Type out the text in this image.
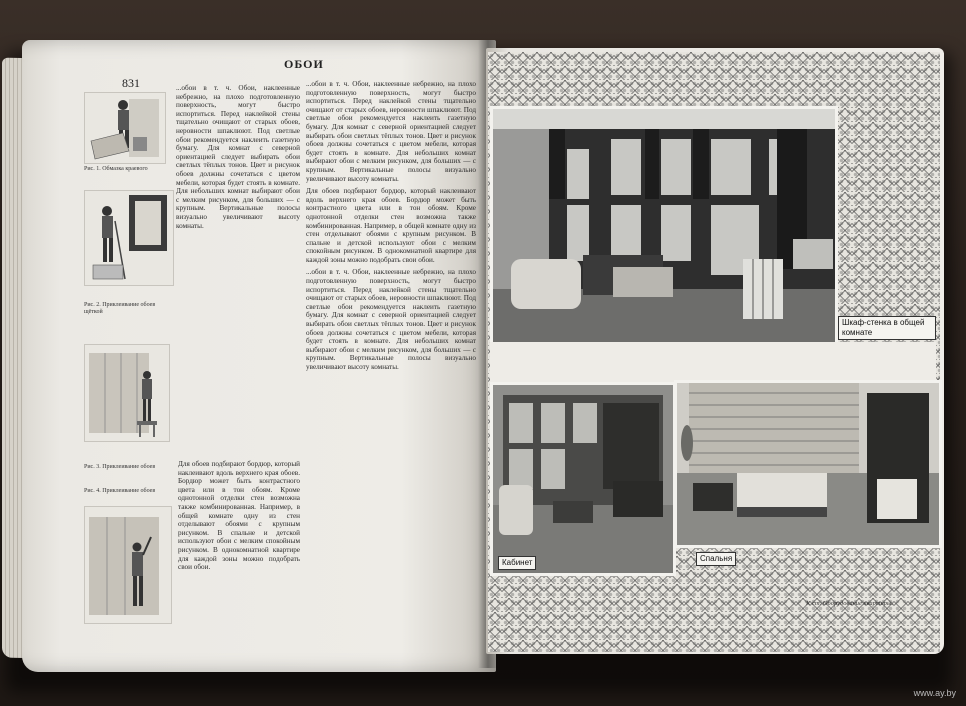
831
ОБОИ
Рис. 1. Обмазка краевого
Рис. 2. Приклеивание обоев щёткой
Рис. 3. Приклеивание обоев
Рис. 4. Приклеивание обоев
...обои в т. ч. Обои, наклеенные небрежно, на плохо подготовленную поверхность, могут быстро испортиться. Перед наклейкой стены тщательно очищают от старых обоев, неровности шпаклюют. Под светлые обои рекомендуется наклеить газетную бумагу. Для комнат с северной ориентацией следует выбирать обои светлых тёплых тонов. Цвет и рисунок обоев должны сочетаться с цветом мебели, которая будет стоять в комнате. Для небольших комнат выбирают обои с мелким рисунком, для больших — с крупным. Вертикальные полосы визуально увеличивают высоту комнаты.
Для обоев подбирают бордюр, который наклеивают вдоль верхнего края обоев. Бордюр может быть контрастного цвета или в тон обоям. Кроме однотонной отделки стен возможна также комбинированная. Например, в общей комнате одну из стен отделывают обоями с крупным рисунком. В спальне и детской используют обои с мелким спокойным рисунком. В однокомнатной квартире для каждой зоны можно подобрать свои обои.
...обои в т. ч. Обои, наклеенные небрежно, на плохо подготовленную поверхность, могут быстро испортиться. Перед наклейкой стены тщательно очищают от старых обоев, неровности шпаклюют. Под светлые обои рекомендуется наклеить газетную бумагу. Для комнат с северной ориентацией следует выбирать обои светлых тёплых тонов. Цвет и рисунок обоев должны сочетаться с цветом мебели, которая будет стоять в комнате. Для небольших комнат выбирают обои с мелким рисунком, для больших — с крупным. Вертикальные полосы визуально увеличивают высоту комнаты.
Для обоев подбирают бордюр, который наклеивают вдоль верхнего края обоев. Бордюр может быть контрастного цвета или в тон обоям. Кроме однотонной отделки стен возможна также комбинированная. Например, в общей комнате одну из стен отделывают обоями с крупным рисунком. В спальне и детской используют обои с мелким спокойным рисунком. В однокомнатной квартире для каждой зоны можно подобрать свои обои.
...обои в т. ч. Обои, наклеенные небрежно, на плохо подготовленную поверхность, могут быстро испортиться. Перед наклейкой стены тщательно очищают от старых обоев, неровности шпаклюют. Под светлые обои рекомендуется наклеить газетную бумагу. Для комнат с северной ориентацией следует выбирать обои светлых тёплых тонов. Цвет и рисунок обоев должны сочетаться с цветом мебели, которая будет стоять в комнате. Для небольших комнат выбирают обои с мелким рисунком, для больших — с крупным. Вертикальные полосы визуально увеличивают высоту комнаты.
Шкаф-стенка в общей комнате
Кабинет	Спальня
К ст. Оборудование квартиры.
www.ay.by
